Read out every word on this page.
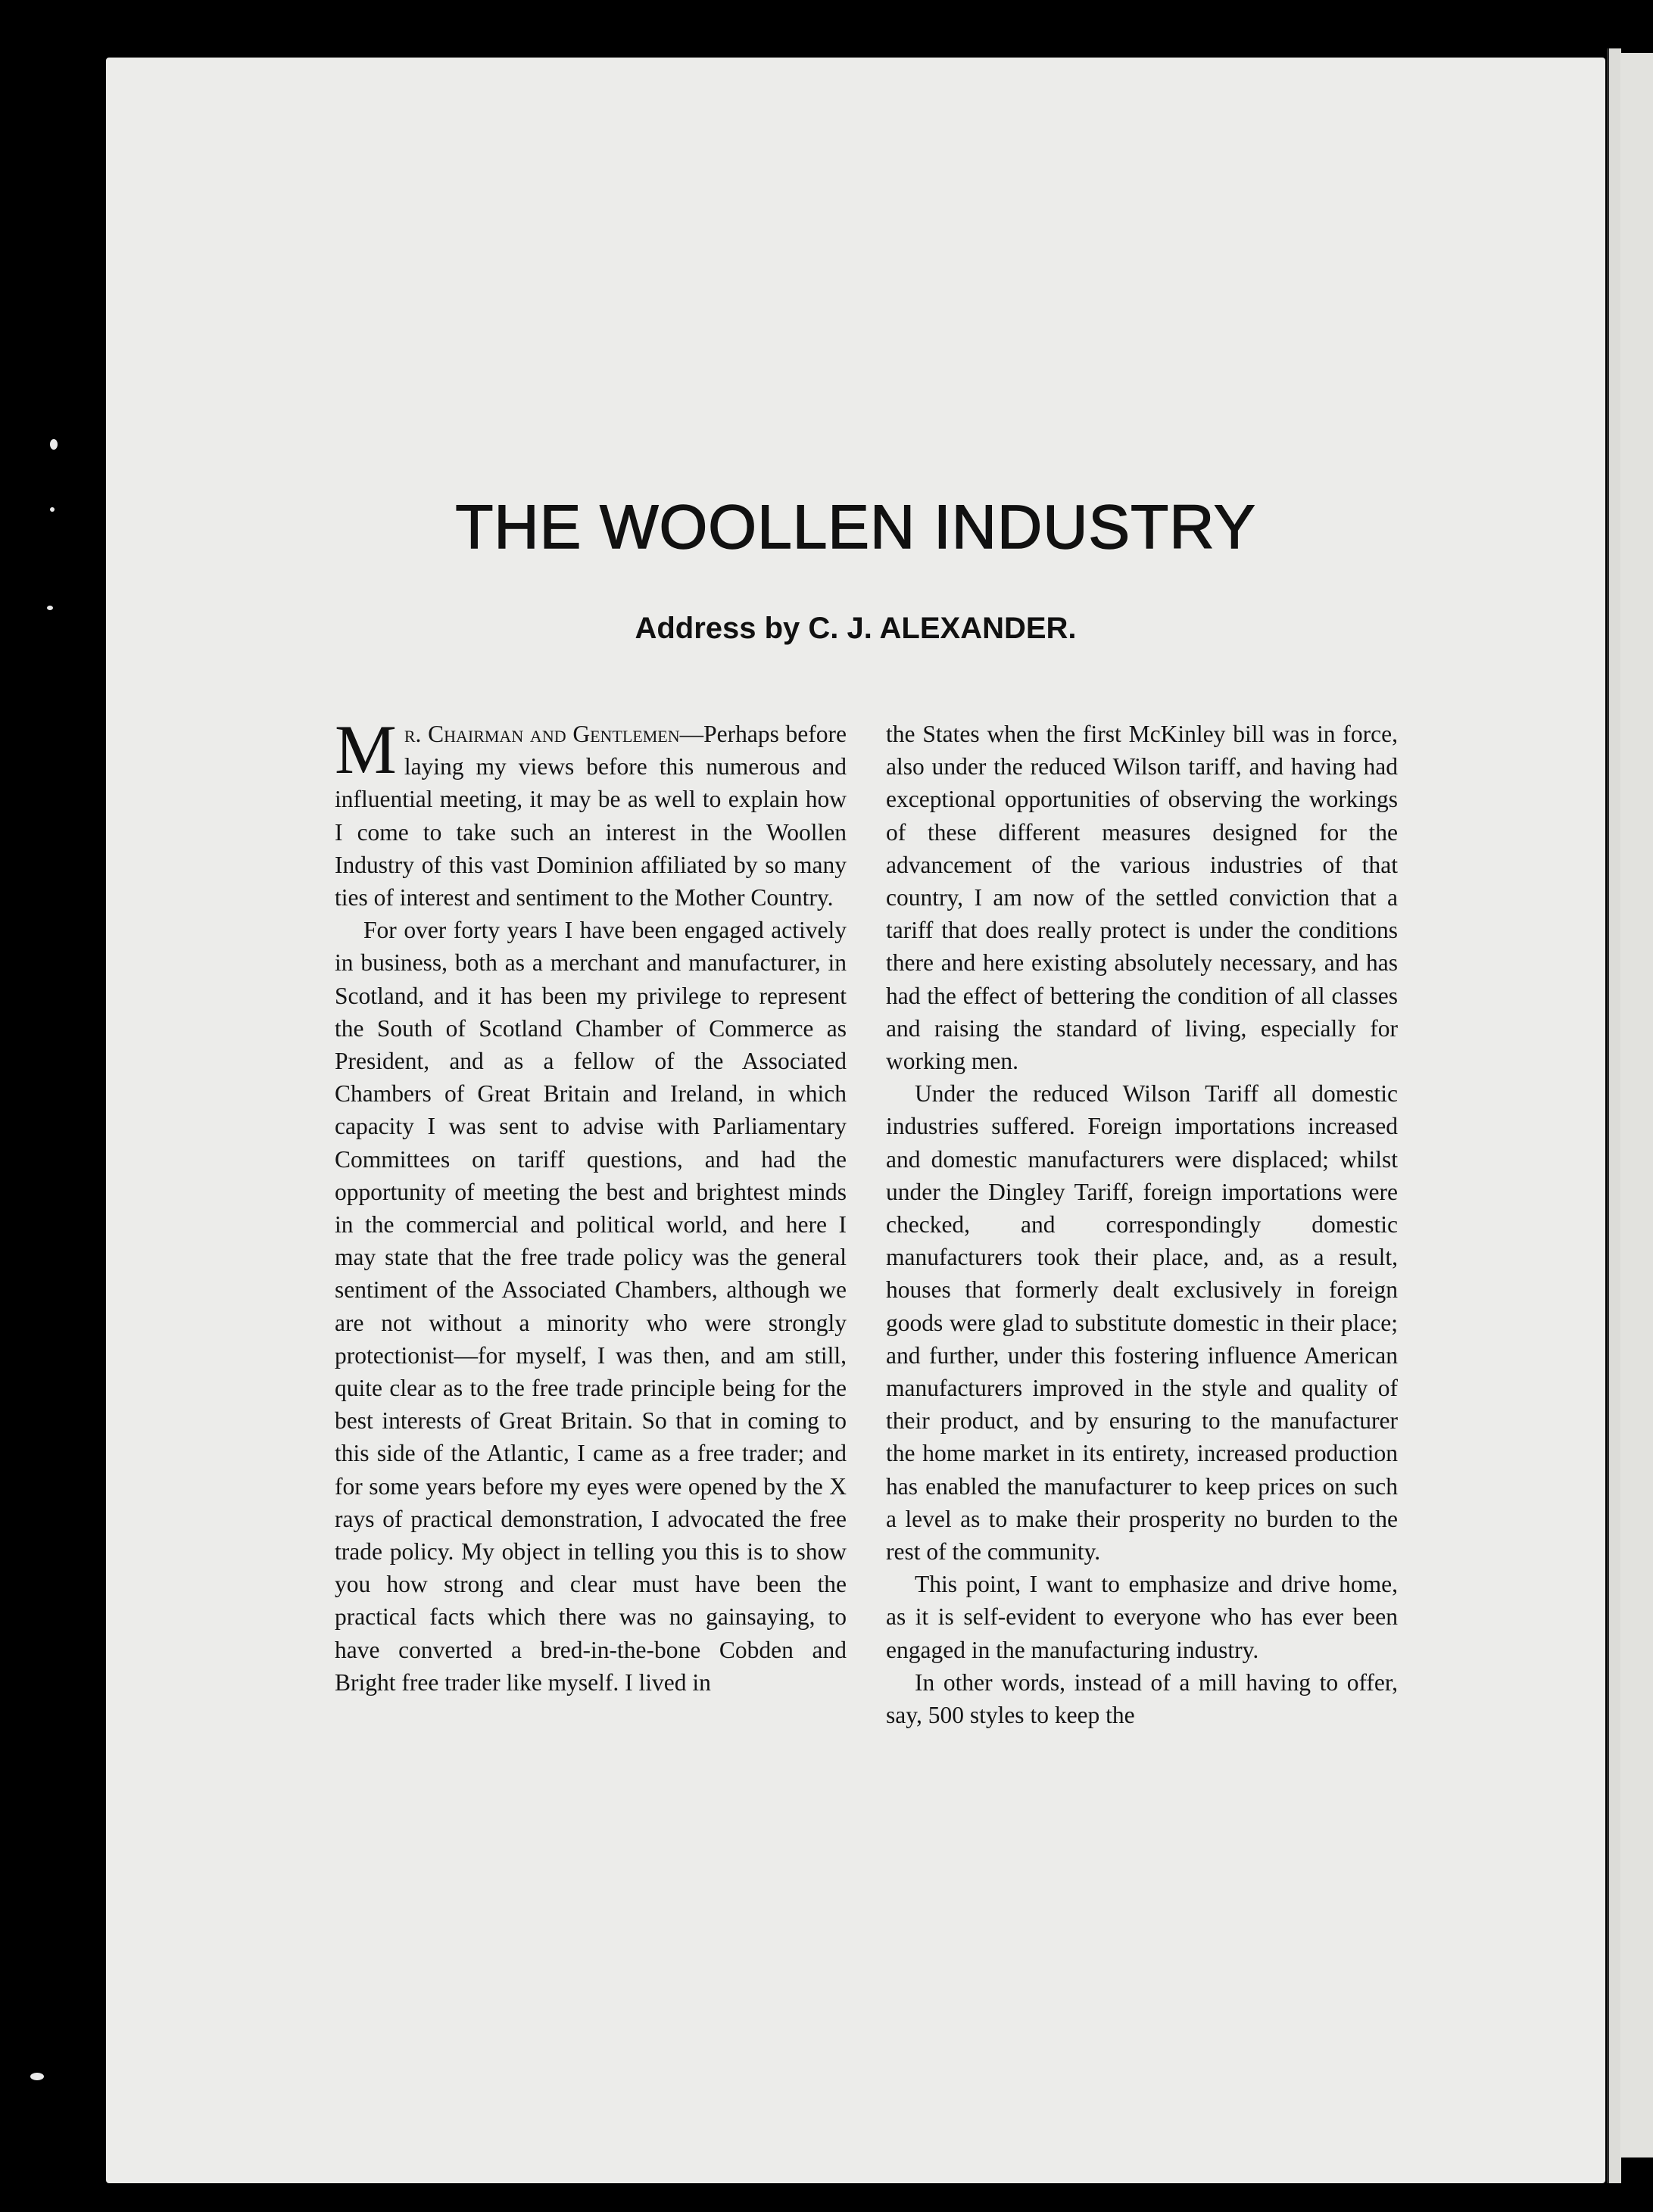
THE WOOLLEN INDUSTRY
Address by C. J. ALEXANDER.

Mr. Chairman and Gentlemen—Perhaps before laying my views before this numerous and influential meeting, it may be as well to explain how I come to take such an interest in the Woollen Industry of this vast Dominion affiliated by so many ties of interest and sentiment to the Mother Country.

For over forty years I have been engaged actively in business, both as a merchant and manufacturer, in Scotland, and it has been my privilege to represent the South of Scotland Chamber of Commerce as President, and as a fellow of the Associated Chambers of Great Britain and Ireland, in which capacity I was sent to advise with Parliamentary Committees on tariff questions, and had the opportunity of meeting the best and brightest minds in the commercial and political world, and here I may state that the free trade policy was the general sentiment of the Associated Chambers, although we are not without a minority who were strongly protectionist—for myself, I was then, and am still, quite clear as to the free trade principle being for the best interests of Great Britain. So that in coming to this side of the Atlantic, I came as a free trader; and for some years before my eyes were opened by the X rays of practical demonstration, I advocated the free trade policy. My object in telling you this is to show you how strong and clear must have been the practical facts which there was no gainsaying, to have converted a bred-in-the-bone Cobden and Bright free trader like myself. I lived in

the States when the first McKinley bill was in force, also under the reduced Wilson tariff, and having had exceptional opportunities of observing the workings of these different measures designed for the advancement of the various industries of that country, I am now of the settled conviction that a tariff that does really protect is under the conditions there and here existing absolutely necessary, and has had the effect of bettering the condition of all classes and raising the standard of living, especially for working men.

Under the reduced Wilson Tariff all domestic industries suffered. Foreign importations increased and domestic manufacturers were displaced; whilst under the Dingley Tariff, foreign importations were checked, and correspondingly domestic manufacturers took their place, and, as a result, houses that formerly dealt exclusively in foreign goods were glad to substitute domestic in their place; and further, under this fostering influence American manufacturers improved in the style and quality of their product, and by ensuring to the manufacturer the home market in its entirety, increased production has enabled the manufacturer to keep prices on such a level as to make their prosperity no burden to the rest of the community.

This point, I want to emphasize and drive home, as it is self-evident to everyone who has ever been engaged in the manufacturing industry.

In other words, instead of a mill having to offer, say, 500 styles to keep the
